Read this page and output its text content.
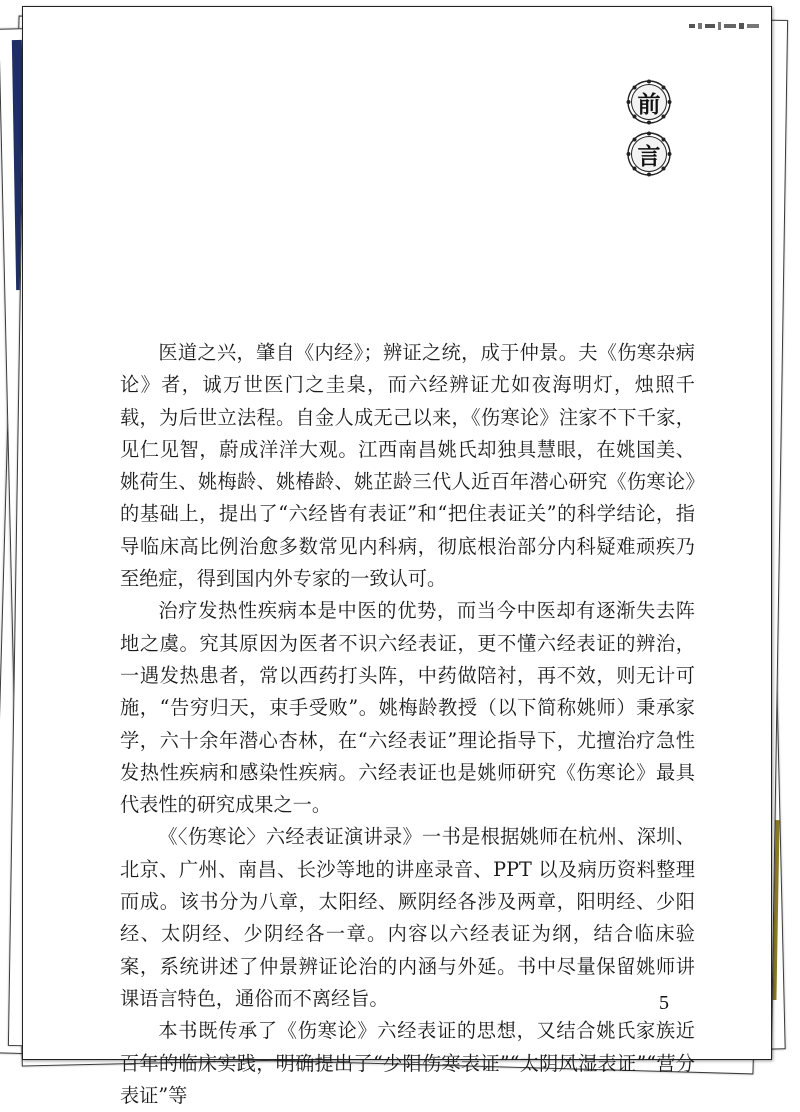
前
言

医道之兴，肇自《内经》；辨证之统，成于仲景。夫《伤寒杂病论》者，诚万世医门之圭臬，而六经辨证尤如夜海明灯，烛照千载，为后世立法程。自金人成无己以来，《伤寒论》注家不下千家，见仁见智，蔚成洋洋大观。江西南昌姚氏却独具慧眼，在姚国美、姚荷生、姚梅龄、姚椿龄、姚芷龄三代人近百年潜心研究《伤寒论》的基础上，提出了“六经皆有表证”和“把住表证关”的科学结论，指导临床高比例治愈多数常见内科病，彻底根治部分内科疑难顽疾乃至绝症，得到国内外专家的一致认可。

治疗发热性疾病本是中医的优势，而当今中医却有逐渐失去阵地之虞。究其原因为医者不识六经表证，更不懂六经表证的辨治，一遇发热患者，常以西药打头阵，中药做陪衬，再不效，则无计可施，“告穷归天，束手受败”。姚梅龄教授（以下简称姚师）秉承家学，六十余年潜心杏林，在“六经表证”理论指导下，尤擅治疗急性发热性疾病和感染性疾病。六经表证也是姚师研究《伤寒论》最具代表性的研究成果之一。

《〈伤寒论〉六经表证演讲录》一书是根据姚师在杭州、深圳、北京、广州、南昌、长沙等地的讲座录音、PPT 以及病历资料整理而成。该书分为八章，太阳经、厥阴经各涉及两章，阳明经、少阳经、太阴经、少阴经各一章。内容以六经表证为纲，结合临床验案，系统讲述了仲景辨证论治的内涵与外延。书中尽量保留姚师讲课语言特色，通俗而不离经旨。

本书既传承了《伤寒论》六经表证的思想，又结合姚氏家族近百年的临床实践，明确提出了“少阳伤寒表证”“太阴风湿表证”“营分表证”等

5
